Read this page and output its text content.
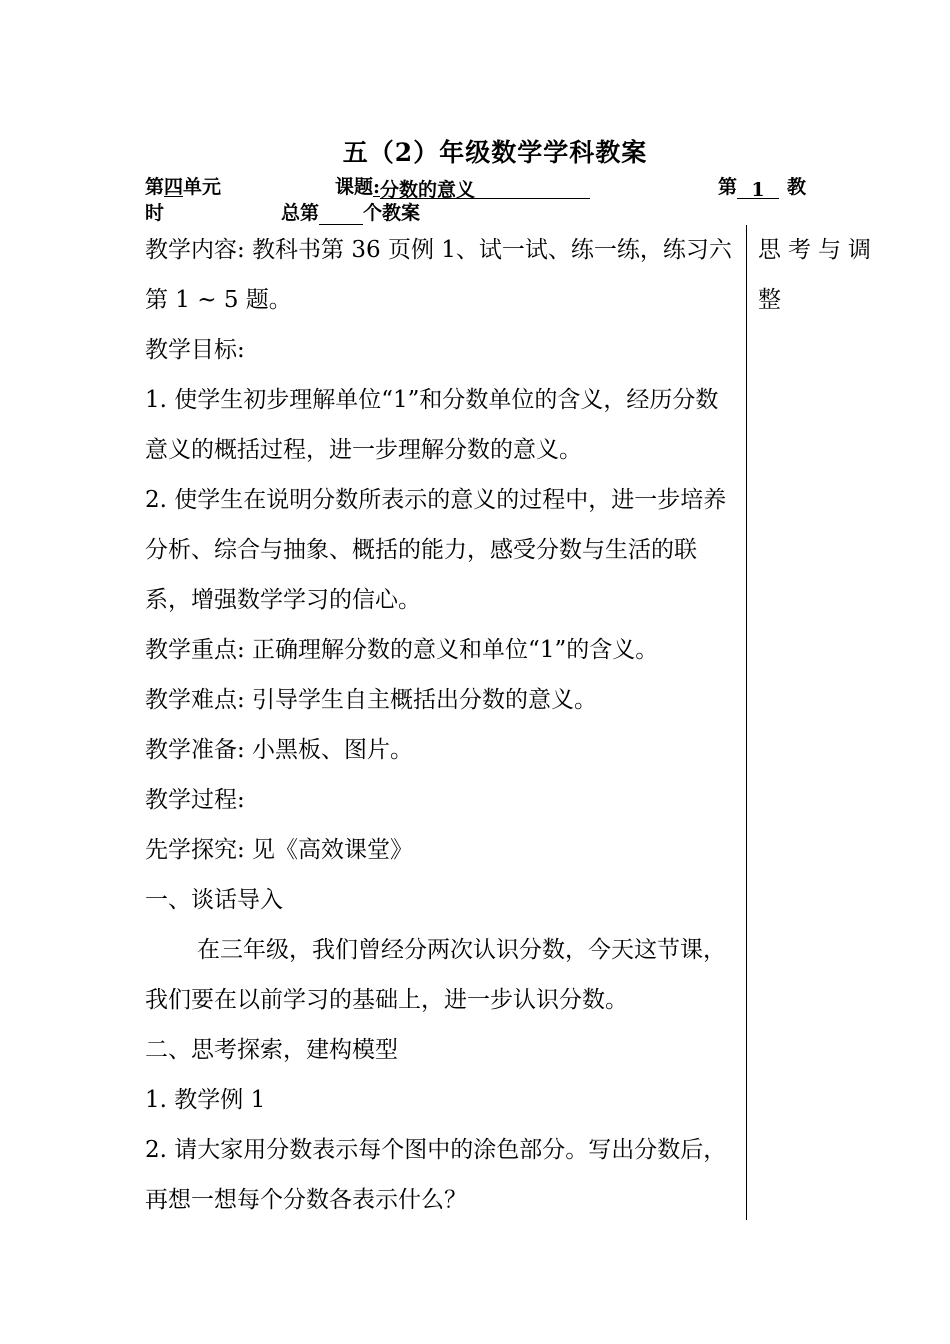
五（2）年级数学学科教案
第四单元	课题:分数的意义	第 1 教
时	总第 个教案

教学内容: 教科书第 36 页例 1、试一试、练一练，练习六第 1 ~ 5 题。

教学目标:

1. 使学生初步理解单位“1”和分数单位的含义，经历分数意义的概括过程，进一步理解分数的意义。

2. 使学生在说明分数所表示的意义的过程中，进一步培养分析、综合与抽象、概括的能力，感受分数与生活的联系，增强数学学习的信心。

教学重点: 正确理解分数的意义和单位“1”的含义。

教学难点: 引导学生自主概括出分数的意义。

教学准备: 小黑板、图片。

教学过程:

先学探究: 见《高效课堂》

一、谈话导入

在三年级，我们曾经分两次认识分数，今天这节课，我们要在以前学习的基础上，进一步认识分数。

二、思考探索，建构模型

1. 教学例 1

2. 请大家用分数表示每个图中的涂色部分。写出分数后，再想一想每个分数各表示什么？

思考与调整
